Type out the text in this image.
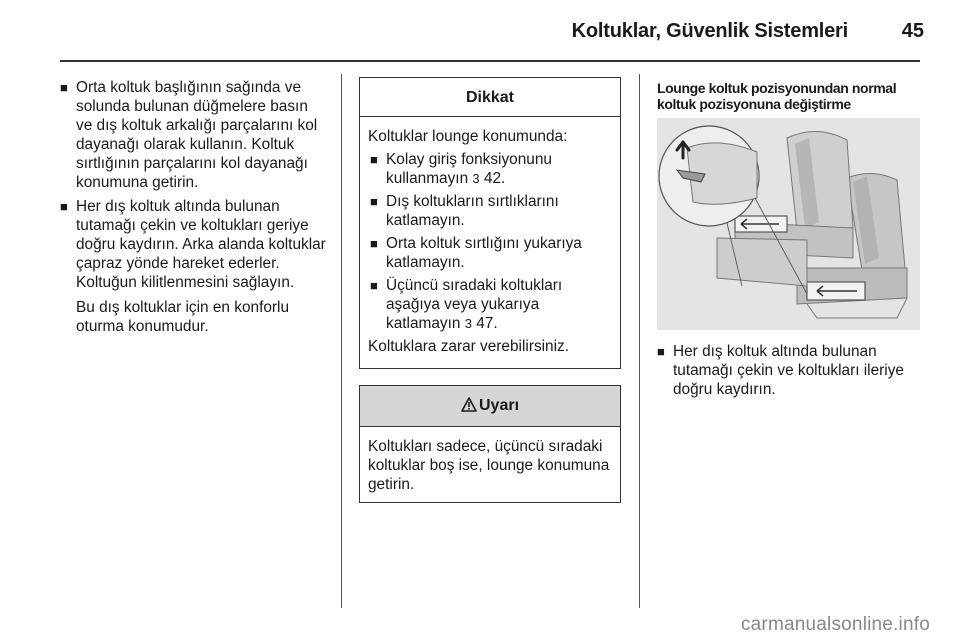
Koltuklar, Güvenlik Sistemleri	45
■ Orta koltuk başlığının sağında ve solunda bulunan düğmelere basın ve dış koltuk arkalığı parçalarını kol dayanağı olarak kullanın. Koltuk sırtlığının parçalarını kol dayanağı konumuna getirin.
■ Her dış koltuk altında bulunan tutamağı çekin ve koltukları geriye doğru kaydırın. Arka alanda koltuklar çapraz yönde hareket ederler. Koltuğun kilitlenmesini sağlayın.
Bu dış koltuklar için en konforlu oturma konumudur.
Dikkat
Koltuklar lounge konumunda:
■ Kolay giriş fonksiyonunu kullanmayın 3 42.
■ Dış koltukların sırtlıklarını katlamayın.
■ Orta koltuk sırtlığını yukarıya katlamayın.
■ Üçüncü sıradaki koltukları aşağıya veya yukarıya katlamayın 3 47.
Koltuklara zarar verebilirsiniz.
Uyarı
Koltukları sadece, üçüncü sıradaki koltuklar boş ise, lounge konumuna getirin.
Lounge koltuk pozisyonundan normal koltuk pozisyonuna değiştirme
■ Her dış koltuk altında bulunan tutamağı çekin ve koltukları ileriye doğru kaydırın.
carmanualsonline.info
